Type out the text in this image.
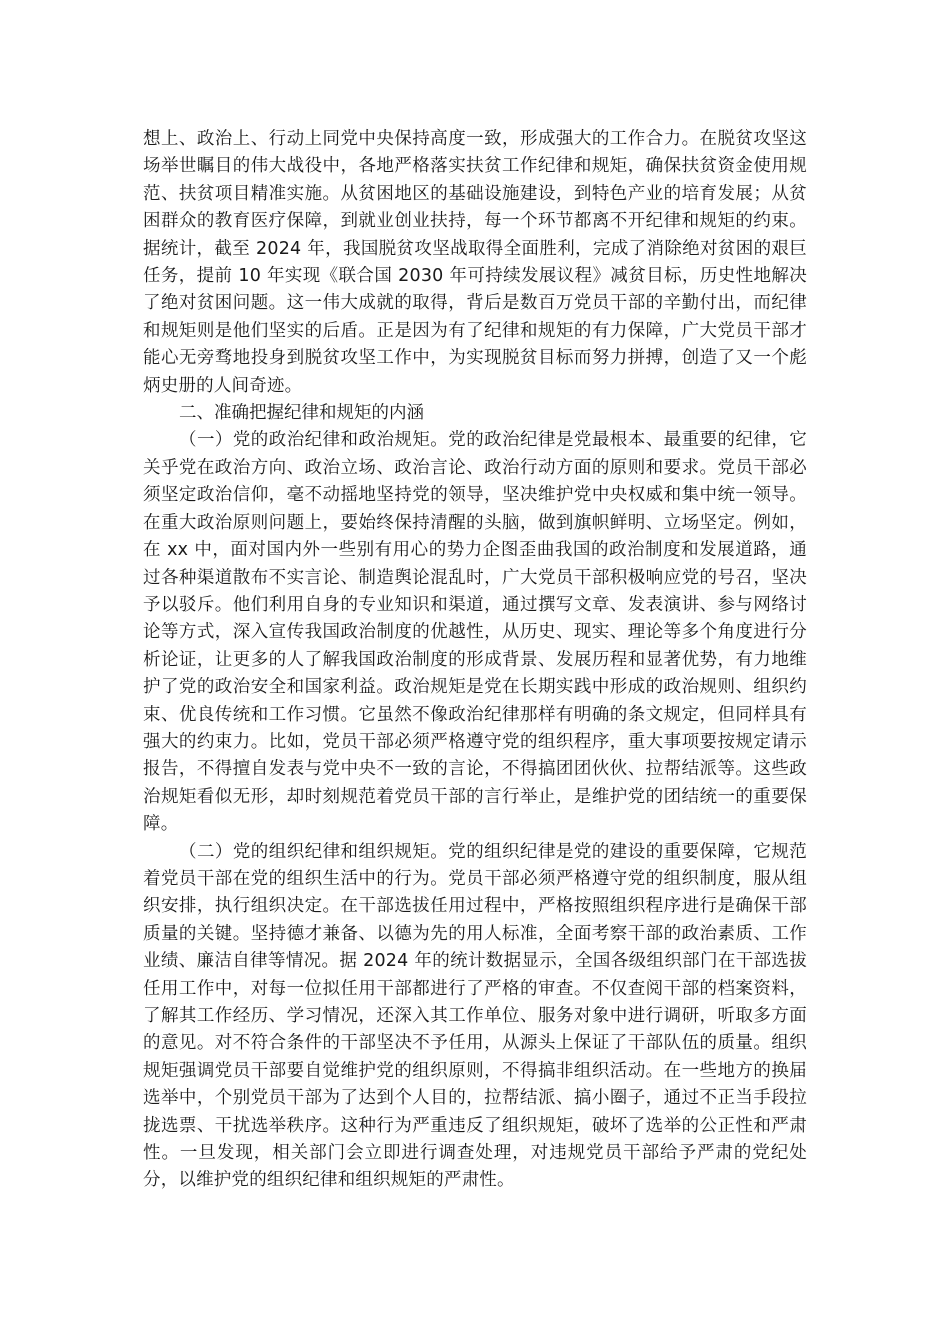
想上、政治上、行动上同党中央保持高度一致，形成强大的工作合力。在脱贫攻坚这场举世瞩目的伟大战役中，各地严格落实扶贫工作纪律和规矩，确保扶贫资金使用规范、扶贫项目精准实施。从贫困地区的基础设施建设，到特色产业的培育发展；从贫困群众的教育医疗保障，到就业创业扶持，每一个环节都离不开纪律和规矩的约束。据统计，截至 2024 年，我国脱贫攻坚战取得全面胜利，完成了消除绝对贫困的艰巨任务，提前 10 年实现《联合国 2030 年可持续发展议程》减贫目标，历史性地解决了绝对贫困问题。这一伟大成就的取得，背后是数百万党员干部的辛勤付出，而纪律和规矩则是他们坚实的后盾。正是因为有了纪律和规矩的有力保障，广大党员干部才能心无旁骛地投身到脱贫攻坚工作中，为实现脱贫目标而努力拼搏，创造了又一个彪炳史册的人间奇迹。

二、准确把握纪律和规矩的内涵

（一）党的政治纪律和政治规矩。党的政治纪律是党最根本、最重要的纪律，它关乎党在政治方向、政治立场、政治言论、政治行动方面的原则和要求。党员干部必须坚定政治信仰，毫不动摇地坚持党的领导，坚决维护党中央权威和集中统一领导。在重大政治原则问题上，要始终保持清醒的头脑，做到旗帜鲜明、立场坚定。例如，在 xx 中，面对国内外一些别有用心的势力企图歪曲我国的政治制度和发展道路，通过各种渠道散布不实言论、制造舆论混乱时，广大党员干部积极响应党的号召，坚决予以驳斥。他们利用自身的专业知识和渠道，通过撰写文章、发表演讲、参与网络讨论等方式，深入宣传我国政治制度的优越性，从历史、现实、理论等多个角度进行分析论证，让更多的人了解我国政治制度的形成背景、发展历程和显著优势，有力地维护了党的政治安全和国家利益。政治规矩是党在长期实践中形成的政治规则、组织约束、优良传统和工作习惯。它虽然不像政治纪律那样有明确的条文规定，但同样具有强大的约束力。比如，党员干部必须严格遵守党的组织程序，重大事项要按规定请示报告，不得擅自发表与党中央不一致的言论，不得搞团团伙伙、拉帮结派等。这些政治规矩看似无形，却时刻规范着党员干部的言行举止，是维护党的团结统一的重要保障。

（二）党的组织纪律和组织规矩。党的组织纪律是党的建设的重要保障，它规范着党员干部在党的组织生活中的行为。党员干部必须严格遵守党的组织制度，服从组织安排，执行组织决定。在干部选拔任用过程中，严格按照组织程序进行是确保干部质量的关键。坚持德才兼备、以德为先的用人标准，全面考察干部的政治素质、工作业绩、廉洁自律等情况。据 2024 年的统计数据显示，全国各级组织部门在干部选拔任用工作中，对每一位拟任用干部都进行了严格的审查。不仅查阅干部的档案资料，了解其工作经历、学习情况，还深入其工作单位、服务对象中进行调研，听取多方面的意见。对不符合条件的干部坚决不予任用，从源头上保证了干部队伍的质量。组织规矩强调党员干部要自觉维护党的组织原则，不得搞非组织活动。在一些地方的换届选举中，个别党员干部为了达到个人目的，拉帮结派、搞小圈子，通过不正当手段拉拢选票、干扰选举秩序。这种行为严重违反了组织规矩，破坏了选举的公正性和严肃性。一旦发现，相关部门会立即进行调查处理，对违规党员干部给予严肃的党纪处分，以维护党的组织纪律和组织规矩的严肃性。
